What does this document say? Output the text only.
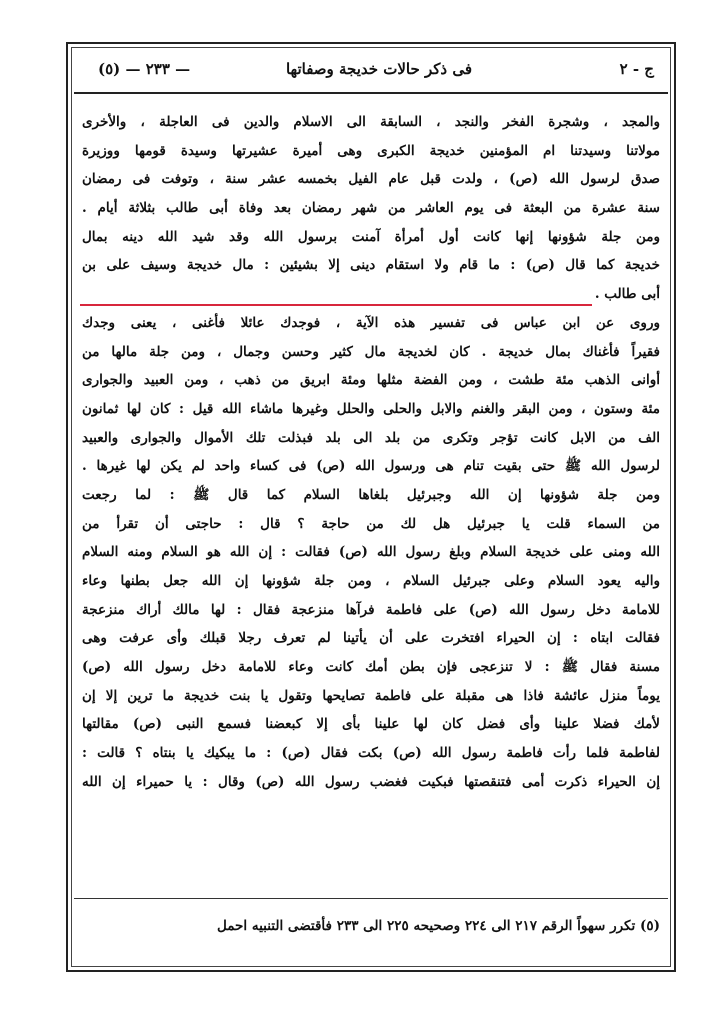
ج - ٢
فى ذكر حالات خديجة وصفاتها
— ٢٣٣ — (٥)
والمجد ، وشجرة الفخر والنجد ، السابقة الى الاسلام والدين فى العاجلة ، والأخرى
مولاتنا وسيدتنا ام المؤمنين خديجة الكبرى وهى أميرة عشيرتها وسيدة قومها ووزيرة
صدق لرسول الله (ص) ، ولدت قبل عام الفيل بخمسه عشر سنة ، وتوفت فى رمضان
سنة عشرة من البعثة فى يوم العاشر من شهر رمضان بعد وفاة أبى طالب بثلاثة أيام .
ومن جلة شؤونها إنها كانت أول أمرأة آمنت برسول الله وقد شيد الله دينه بمال
خديجة كما قال (ص) : ما قام ولا استقام دينى إلا بشيئين : مال خديجة وسيف على بن
أبى طالب .
وروى عن ابن عباس فى تفسير هذه الآية ، فوجدك عائلا فأغنى ، يعنى وجدك
فقيراً فأغناك بمال خديجة . كان لخديجة مال كثير وحسن وجمال ، ومن جلة مالها من
أوانى الذهب مئة طشت ، ومن الفضة مثلها ومئة ابريق من ذهب ، ومن العبيد والجوارى
مئة وستون ، ومن البقر والغنم والابل والحلى والحلل وغيرها ماشاء الله قيل : كان لها ثمانون
الف من الابل كانت تؤجر وتكرى من بلد الى بلد فبذلت تلك الأموال والجوارى والعبيد
لرسول الله ﷺ حتى بقيت تنام هى ورسول الله (ص) فى كساء واحد لم يكن لها غيرها .
ومن جلة شؤونها إن الله وجبرئيل بلغاها السلام كما قال ﷺ : لما رجعت
من السماء قلت يا جبرئيل هل لك من حاجة ؟ قال : حاجتى أن تقرأ من
الله ومنى على خديجة السلام وبلغ رسول الله (ص) فقالت : إن الله هو السلام ومنه السلام
واليه يعود السلام وعلى جبرئيل السلام ، ومن جلة شؤونها إن الله جعل بطنها وعاء
للامامة دخل رسول الله (ص) على فاطمة فرآها منزعجة فقال : لها مالك أراك منزعجة
فقالت ابتاه : إن الحيراء افتخرت على أن يأتينا لم تعرف رجلا قبلك وأى عرفت وهى
مسنة فقال ﷺ : لا تنزعجى فإن بطن أمك كانت وعاء للامامة دخل رسول الله (ص)
يوماً منزل عائشة فاذا هى مقبلة على فاطمة تصايحها وتقول يا بنت خديجة ما ترين إلا إن
لأمك فضلا علينا وأى فضل كان لها علينا بأى إلا كبعضنا فسمع النبى (ص) مقالتها
لفاطمة فلما رأت فاطمة رسول الله (ص) بكت فقال (ص) : ما يبكيك يا بنتاه ؟ قالت :
إن الحيراء ذكرت أمى فتنقصتها فبكيت فغضب رسول الله (ص) وقال : يا حميراء إن الله
(٥) تكرر سهواً الرقم ٢١٧ الى ٢٢٤ وصحيحه ٢٢٥ الى ٢٣٣ فأقتضى التنبيه احمل
